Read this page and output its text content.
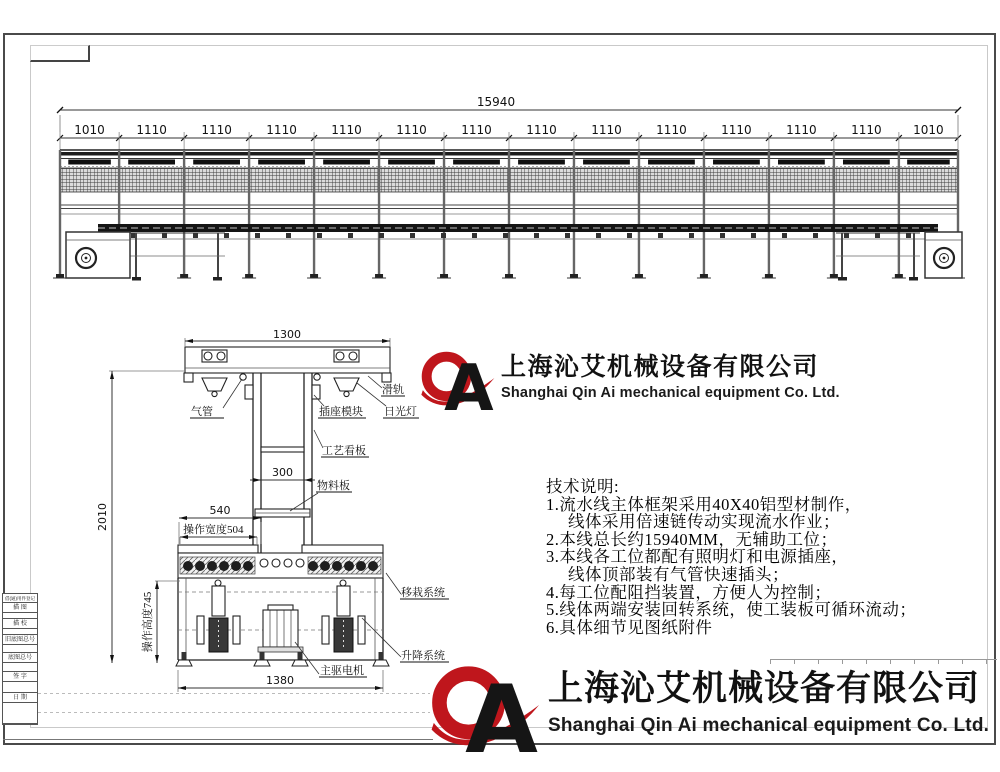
借(通)用件登记
描 图
描 校
旧底图总号
底图总号
签 字
日 期
15940
1010	1110	1110	1110	1110	1110	1110	1110	1110	1110	1110	1110	1110	1010
1300
2010
300
540
操作宽度504
操作高度745
1380
气管	插座模块 日光灯
滑轨
工艺看板
物料板
移栽系统
升降系统
主驱电机
A 上海沁艾机械设备有限公司
Shanghai Qin Ai mechanical equipment Co. Ltd.
技术说明:
1.流水线主体框架采用40X40铝型材制作，
线体采用倍速链传动实现流水作业；
2.本线总长约15940MM，无辅助工位；
3.本线各工位都配有照明灯和电源插座，
线体顶部装有气管快速插头；
4.每工位配阻挡装置，方便人为控制；
5.线体两端安装回转系统，使工装板可循环流动；
6.具体细节见图纸附件
A 上海沁艾机械设备有限公司
Shanghai Qin Ai mechanical equipment Co. Ltd.
